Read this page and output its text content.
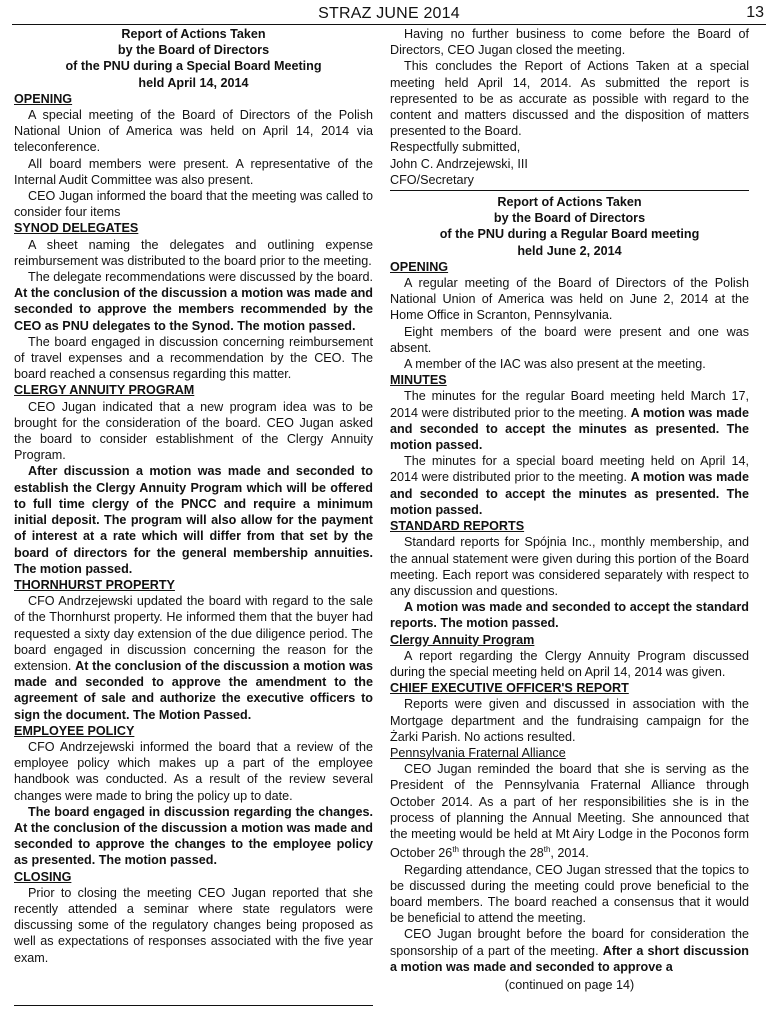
STRAZ JUNE 2014	13
Report of Actions Taken
by the Board of Directors
of the PNU during a Special Board Meeting
held April 14, 2014
OPENING

A special meeting of the Board of Directors of the Polish National Union of America was held on April 14, 2014 via teleconference.

All board members were present. A representative of the Internal Audit Committee was also present.

CEO Jugan informed the board that the meeting was called to consider four items

SYNOD DELEGATES

A sheet naming the delegates and outlining expense reimbursement was distributed to the board prior to the meeting.

The delegate recommendations were discussed by the board. At the conclusion of the discussion a motion was made and seconded to approve the members recommended by the CEO as PNU delegates to the Synod. The motion passed.

The board engaged in discussion concerning reimbursement of travel expenses and a recommendation by the CEO. The board reached a consensus regarding this matter.

CLERGY ANNUITY PROGRAM

CEO Jugan indicated that a new program idea was to be brought for the consideration of the board. CEO Jugan asked the board to consider establishment of the Clergy Annuity Program.

After discussion a motion was made and seconded to establish the Clergy Annuity Program which will be offered to full time clergy of the PNCC and require a minimum initial deposit. The program will also allow for the payment of interest at a rate which will differ from that set by the board of directors for the general membership annuities. The motion passed.

THORNHURST PROPERTY

CFO Andrzejewski updated the board with regard to the sale of the Thornhurst property. He informed them that the buyer had requested a sixty day extension of the due diligence period. The board engaged in discussion concerning the reason for the extension. At the conclusion of the discussion a motion was made and seconded to approve the amendment to the agreement of sale and authorize the executive officers to sign the document. The Motion Passed.

EMPLOYEE POLICY

CFO Andrzejewski informed the board that a review of the employee policy which makes up a part of the employee handbook was conducted. As a result of the review several changes were made to bring the policy up to date.

The board engaged in discussion regarding the changes. At the conclusion of the discussion a motion was made and seconded to approve the changes to the employee policy as presented. The motion passed.

CLOSING

Prior to closing the meeting CEO Jugan reported that she recently attended a seminar where state regulators were discussing some of the regulatory changes being proposed as well as expectations of responses associated with the five year exam.

Having no further business to come before the Board of Directors, CEO Jugan closed the meeting.

This concludes the Report of Actions Taken at a special meeting held April 14, 2014. As submitted the report is represented to be as accurate as possible with regard to the content and matters discussed and the disposition of matters presented to the Board.

Respectfully submitted,
John C. Andrzejewski, III
CFO/Secretary
Report of Actions Taken
by the Board of Directors
of the PNU during a Regular Board meeting
held June 2, 2014
OPENING

A regular meeting of the Board of Directors of the Polish National Union of America was held on June 2, 2014 at the Home Office in Scranton, Pennsylvania.

Eight members of the board were present and one was absent.

A member of the IAC was also present at the meeting.

MINUTES

The minutes for the regular Board meeting held March 17, 2014 were distributed prior to the meeting. A motion was made and seconded to accept the minutes as presented. The motion passed.

The minutes for a special board meeting held on April 14, 2014 were distributed prior to the meeting. A motion was made and seconded to accept the minutes as presented. The motion passed.

STANDARD REPORTS

Standard reports for Spójnia Inc., monthly membership, and the annual statement were given during this portion of the Board meeting. Each report was considered separately with respect to any discussion and questions.

A motion was made and seconded to accept the standard reports. The motion passed.

Clergy Annuity Program

A report regarding the Clergy Annuity Program discussed during the special meeting held on April 14, 2014 was given.

CHIEF EXECUTIVE OFFICER'S REPORT

Reports were given and discussed in association with the Mortgage department and the fundraising campaign for the Żarki Parish. No actions resulted.

Pennsylvania Fraternal Alliance

CEO Jugan reminded the board that she is serving as the President of the Pennsylvania Fraternal Alliance through October 2014. As a part of her responsibilities she is in the process of planning the Annual Meeting. She announced that the meeting would be held at Mt Airy Lodge in the Poconos form October 26th through the 28th, 2014.

Regarding attendance, CEO Jugan stressed that the topics to be discussed during the meeting could prove beneficial to the board members. The board reached a consensus that it would be beneficial to attend the meeting.

CEO Jugan brought before the board for consideration the sponsorship of a part of the meeting. After a short discussion a motion was made and seconded to approve a

(continued on page 14)
